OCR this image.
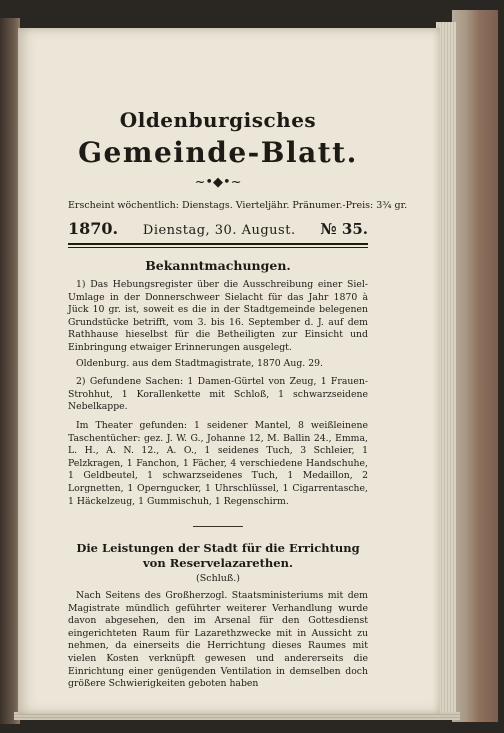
Oldenburgisches
Gemeinde-Blatt.
~•◆•~
Erscheint wöchentlich: Dienstags. Vierteljähr. Pränumer.-Preis: 3¾ gr.
1870. Dienstag, 30. August. № 35.
Bekanntmachungen.

1) Das Hebungsregister über die Ausschreibung einer Siel-Umlage in der Donnerschweer Sielacht für das Jahr 1870 à Jück 10 gr. ist, soweit es die in der Stadtgemeinde belegenen Grundstücke betrifft, vom 3. bis 16. September d. J. auf dem Rathhause hieselbst für die Betheiligten zur Einsicht und Einbringung etwaiger Erinnerungen ausgelegt.

Oldenburg. aus dem Stadtmagistrate, 1870 Aug. 29.

2) Gefundene Sachen: 1 Damen-Gürtel von Zeug, 1 Frauen-Strohhut, 1 Korallenkette mit Schloß, 1 schwarzseidene Nebelkappe.

Im Theater gefunden: 1 seidener Mantel, 8 weißleinene Taschentücher: gez. J. W. G., Johanne 12, M. Ballin 24., Emma, L. H., A. N. 12., A. O., 1 seidenes Tuch, 3 Schleier, 1 Pelzkragen, 1 Fanchon, 1 Fächer, 4 verschiedene Handschuhe, 1 Geldbeutel, 1 schwarzseidenes Tuch, 1 Medaillon, 2 Lorgnetten, 1 Operngucker, 1 Uhrschlüssel, 1 Cigarrentasche, 1 Häckelzeug, 1 Gummischuh, 1 Regenschirm.

Die Leistungen der Stadt für die Errichtung
von Reservelazarethen.
(Schluß.)

Nach Seitens des Großherzogl. Staatsministeriums mit dem Magistrate mündlich geführter weiterer Verhandlung wurde davon abgesehen, den im Arsenal für den Gottesdienst eingerichteten Raum für Lazarethzwecke mit in Aussicht zu nehmen, da einerseits die Herrichtung dieses Raumes mit vielen Kosten verknüpft gewesen und andererseits die Einrichtung einer genügenden Ventilation in demselben doch größere Schwierigkeiten geboten haben
